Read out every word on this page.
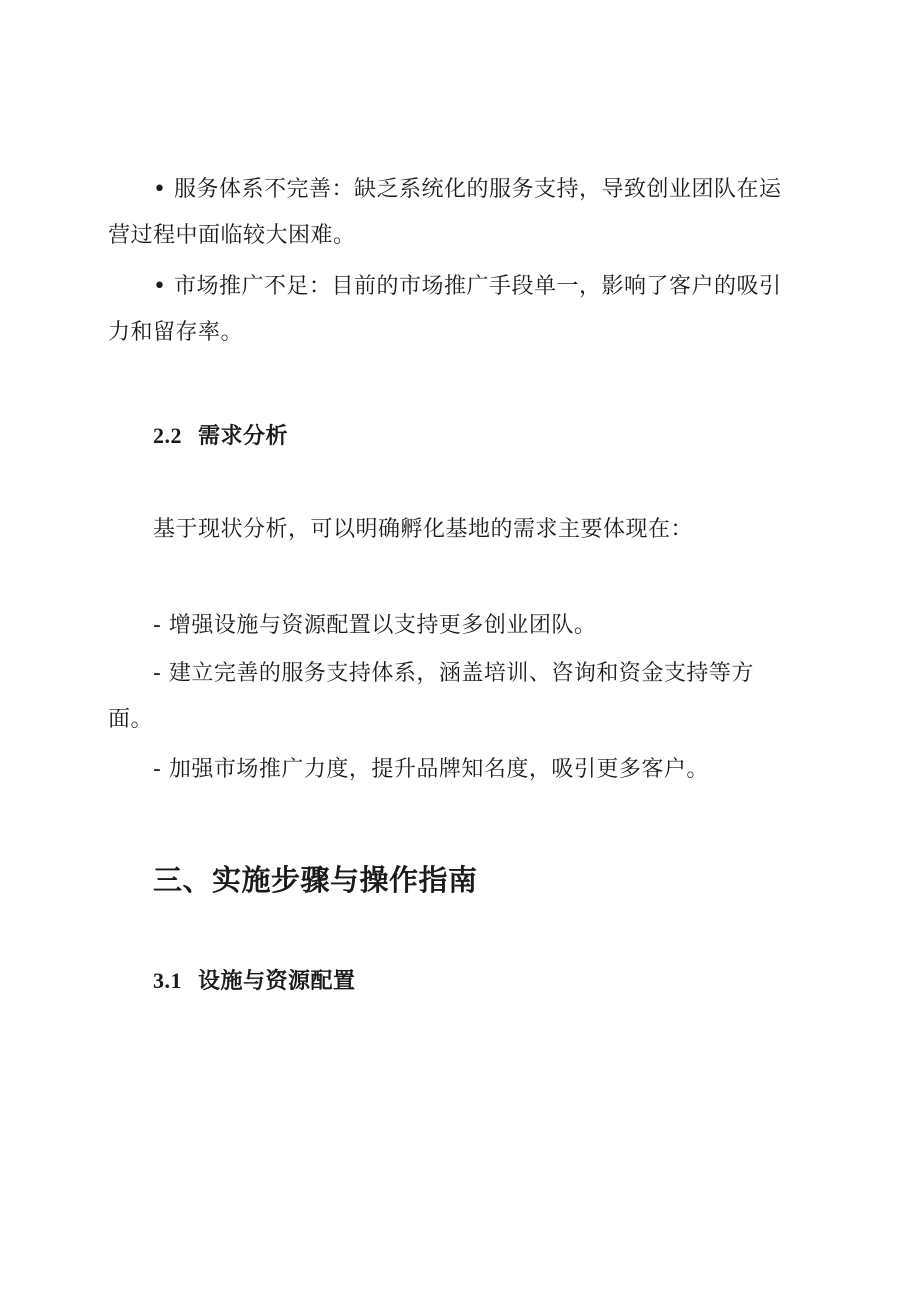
• 服务体系不完善：缺乏系统化的服务支持，导致创业团队在运营过程中面临较大困难。

• 市场推广不足：目前的市场推广手段单一，影响了客户的吸引力和留存率。

2.2 需求分析

基于现状分析，可以明确孵化基地的需求主要体现在：

- 增强设施与资源配置以支持更多创业团队。

- 建立完善的服务支持体系，涵盖培训、咨询和资金支持等方面。

- 加强市场推广力度，提升品牌知名度，吸引更多客户。

三、实施步骤与操作指南
3.1 设施与资源配置
